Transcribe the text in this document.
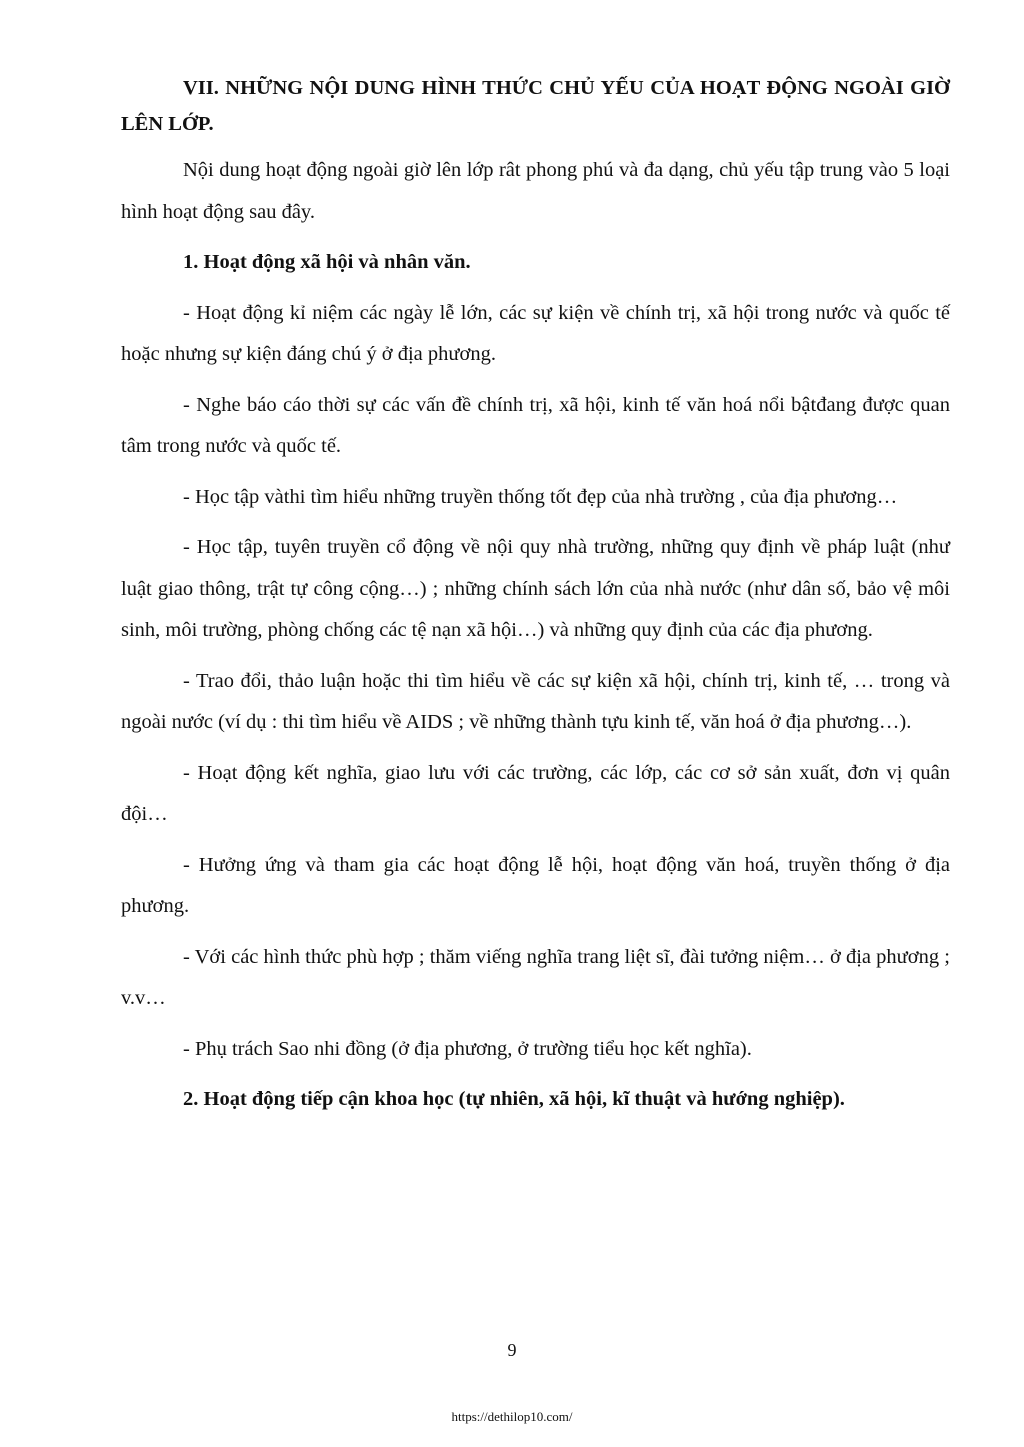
VII. NHỮNG NỘI DUNG HÌNH THỨC CHỦ YẾU CỦA HOẠT ĐỘNG NGOÀI GIỜ LÊN LỚP.

Nội dung hoạt động ngoài giờ lên lớp rât phong phú và đa dạng, chủ yếu tập trung vào 5 loại hình hoạt động sau đây.

1. Hoạt động xã hội và nhân văn.

- Hoạt động kỉ niệm các ngày lễ lớn, các sự kiện về chính trị, xã hội trong nước và quốc tế hoặc nhưng sự kiện đáng chú ý ở địa phương.

- Nghe báo cáo thời sự các vấn đề chính trị, xã hội, kinh tế văn hoá nổi bậtđang được quan tâm trong nước và quốc tế.

- Học tập vàthi tìm hiểu những truyền thống tốt đẹp của nhà trường , của địa phương…

- Học tập, tuyên truyền cổ động về nội quy nhà trường, những quy định về pháp luật (như luật giao thông, trật tự công cộng…) ; những chính sách lớn của nhà nước (như dân số, bảo vệ môi sinh, môi trường, phòng chống các tệ nạn xã hội…) và những quy định của các địa phương.

- Trao đổi, thảo luận hoặc thi tìm hiểu về các sự kiện xã hội, chính trị, kinh tế, … trong và ngoài nước (ví dụ : thi tìm hiểu về AIDS ; về những thành tựu kinh tế, văn hoá ở địa phương…).

- Hoạt động kết nghĩa, giao lưu với các trường, các lớp, các cơ sở sản xuất, đơn vị quân đội…

- Hưởng ứng và tham gia các hoạt động lễ hội, hoạt động văn hoá, truyền thống ở địa phương.

- Với các hình thức phù hợp ; thăm viếng nghĩa trang liệt sĩ, đài tưởng niệm… ở địa phương ; v.v…

- Phụ trách Sao nhi đồng (ở địa phương, ở trường tiểu học kết nghĩa).

2. Hoạt động tiếp cận khoa học (tự nhiên, xã hội, kĩ thuật và hướng nghiệp).

9
https://dethilop10.com/
